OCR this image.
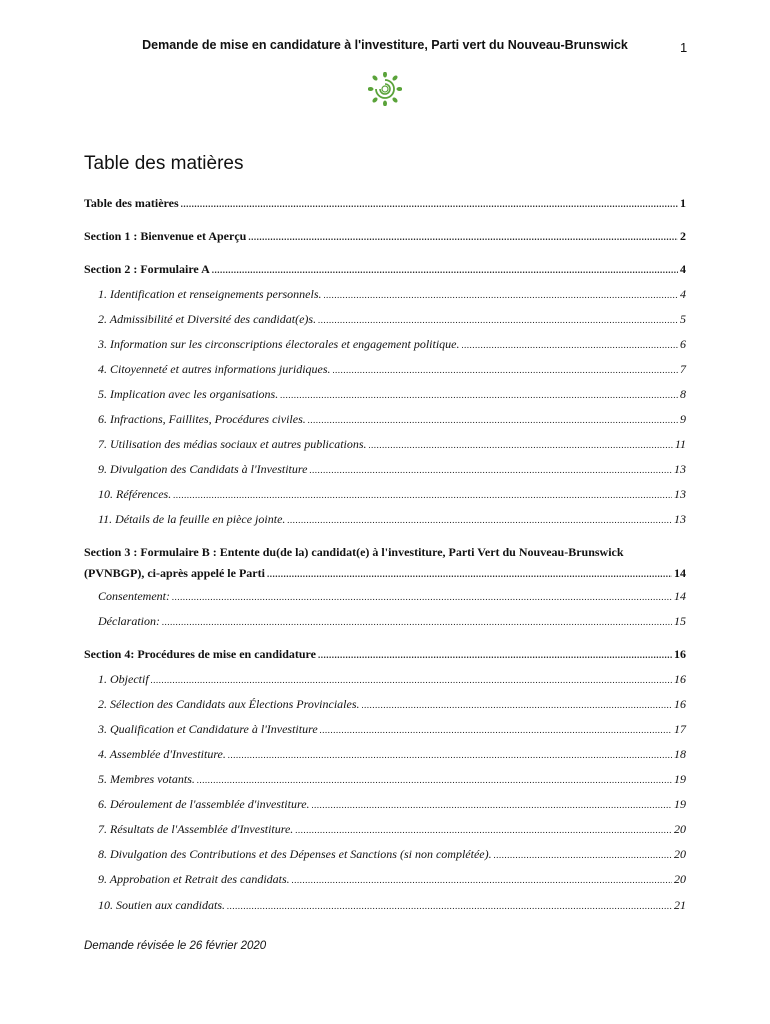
Demande de mise en candidature à l'investiture, Parti vert du Nouveau-Brunswick	1
Table des matières
Table des matières .....	1
Section 1 : Bienvenue et Aperçu .....	2
Section 2 : Formulaire A .....	4
1. Identification et renseignements personnels. .....	4
2. Admissibilité et Diversité des candidat(e)s. .....	5
3. Information sur les circonscriptions électorales et engagement politique. .....	6
4. Citoyenneté et autres informations juridiques. .....	7
5. Implication avec les organisations. .....	8
6. Infractions, Faillites, Procédures civiles. .....	9
7. Utilisation des médias sociaux et autres publications. .....	11
9. Divulgation des Candidats à l'Investiture .....	13
10. Références. .....	13
11. Détails de la feuille en pièce jointe. .....	13
Section 3 : Formulaire B : Entente du(de la) candidat(e) à l'investiture, Parti Vert du Nouveau-Brunswick
(PVNBGP), ci-après appelé le Parti .....	14
Consentement: .....	14
Déclaration: .....	15
Section 4: Procédures de mise en candidature .....	16
1. Objectif .....	16
2. Sélection des Candidats aux Élections Provinciales. .....	16
3. Qualification et Candidature à l'Investiture .....	17
4. Assemblée d'Investiture. .....	18
5. Membres votants. .....	19
6. Déroulement de l'assemblée d'investiture. .....	19
7. Résultats de l'Assemblée d'Investiture. .....	20
8. Divulgation des Contributions et des Dépenses et Sanctions (si non complétée). .....	20
9. Approbation et Retrait des candidats. .....	20
10. Soutien aux candidats. .....	21
Demande révisée le 26 février 2020
